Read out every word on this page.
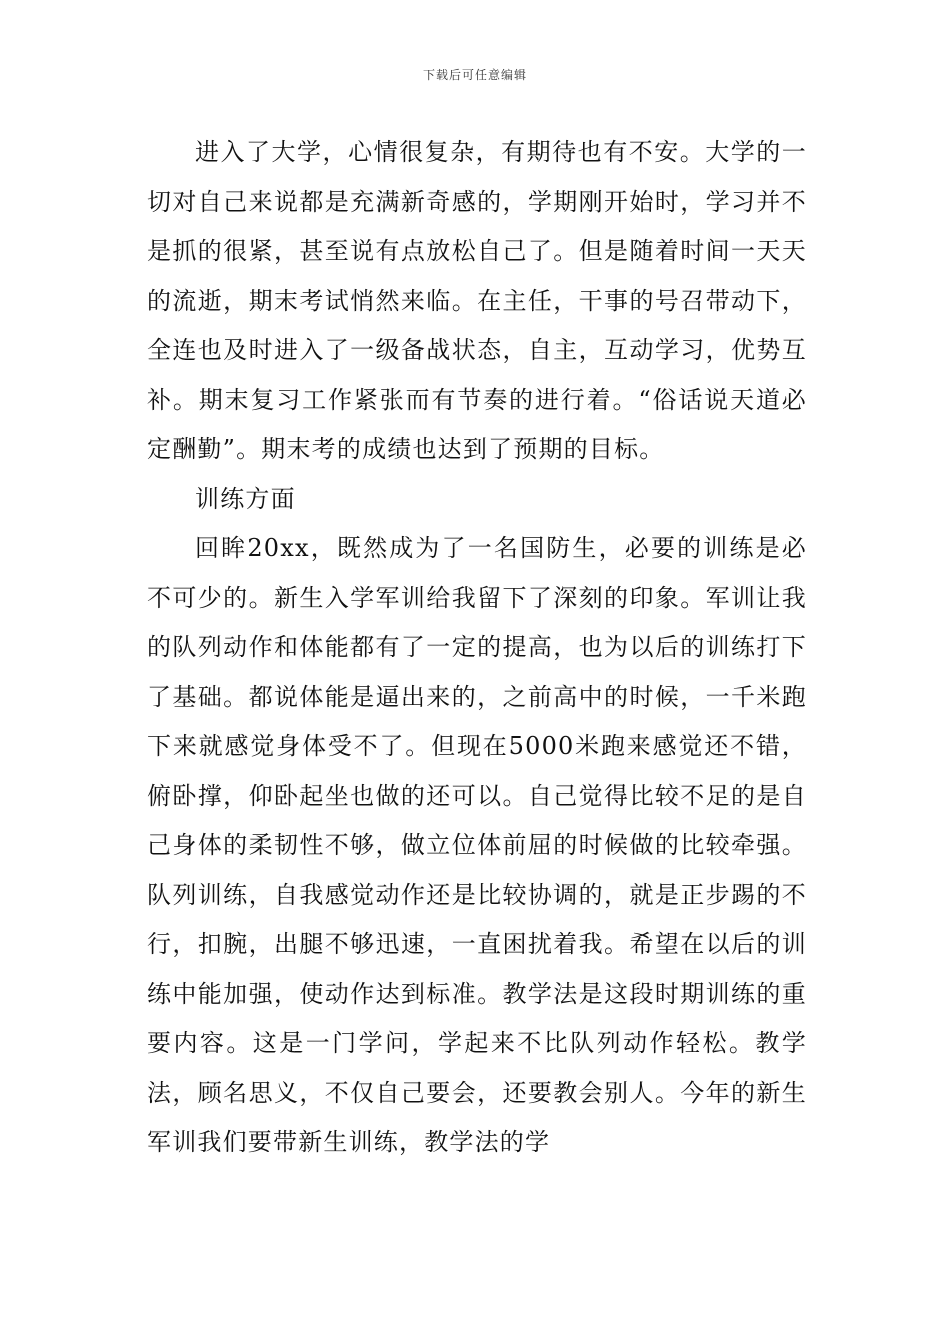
下载后可任意编辑

进入了大学，心情很复杂，有期待也有不安。大学的一切对自己来说都是充满新奇感的，学期刚开始时，学习并不是抓的很紧，甚至说有点放松自己了。但是随着时间一天天的流逝，期末考试悄然来临。在主任，干事的号召带动下，全连也及时进入了一级备战状态，自主，互动学习，优势互补。期末复习工作紧张而有节奏的进行着。“俗话说天道必定酬勤”。期末考的成绩也达到了预期的目标。

训练方面

回眸20xx，既然成为了一名国防生，必要的训练是必不可少的。新生入学军训给我留下了深刻的印象。军训让我的队列动作和体能都有了一定的提高，也为以后的训练打下了基础。都说体能是逼出来的，之前高中的时候，一千米跑下来就感觉身体受不了。但现在5000米跑来感觉还不错，俯卧撑，仰卧起坐也做的还可以。自己觉得比较不足的是自己身体的柔韧性不够，做立位体前屈的时候做的比较牵强。队列训练，自我感觉动作还是比较协调的，就是正步踢的不行，扣腕，出腿不够迅速，一直困扰着我。希望在以后的训练中能加强，使动作达到标准。教学法是这段时期训练的重要内容。这是一门学问，学起来不比队列动作轻松。教学法，顾名思义，不仅自己要会，还要教会别人。今年的新生军训我们要带新生训练，教学法的学
